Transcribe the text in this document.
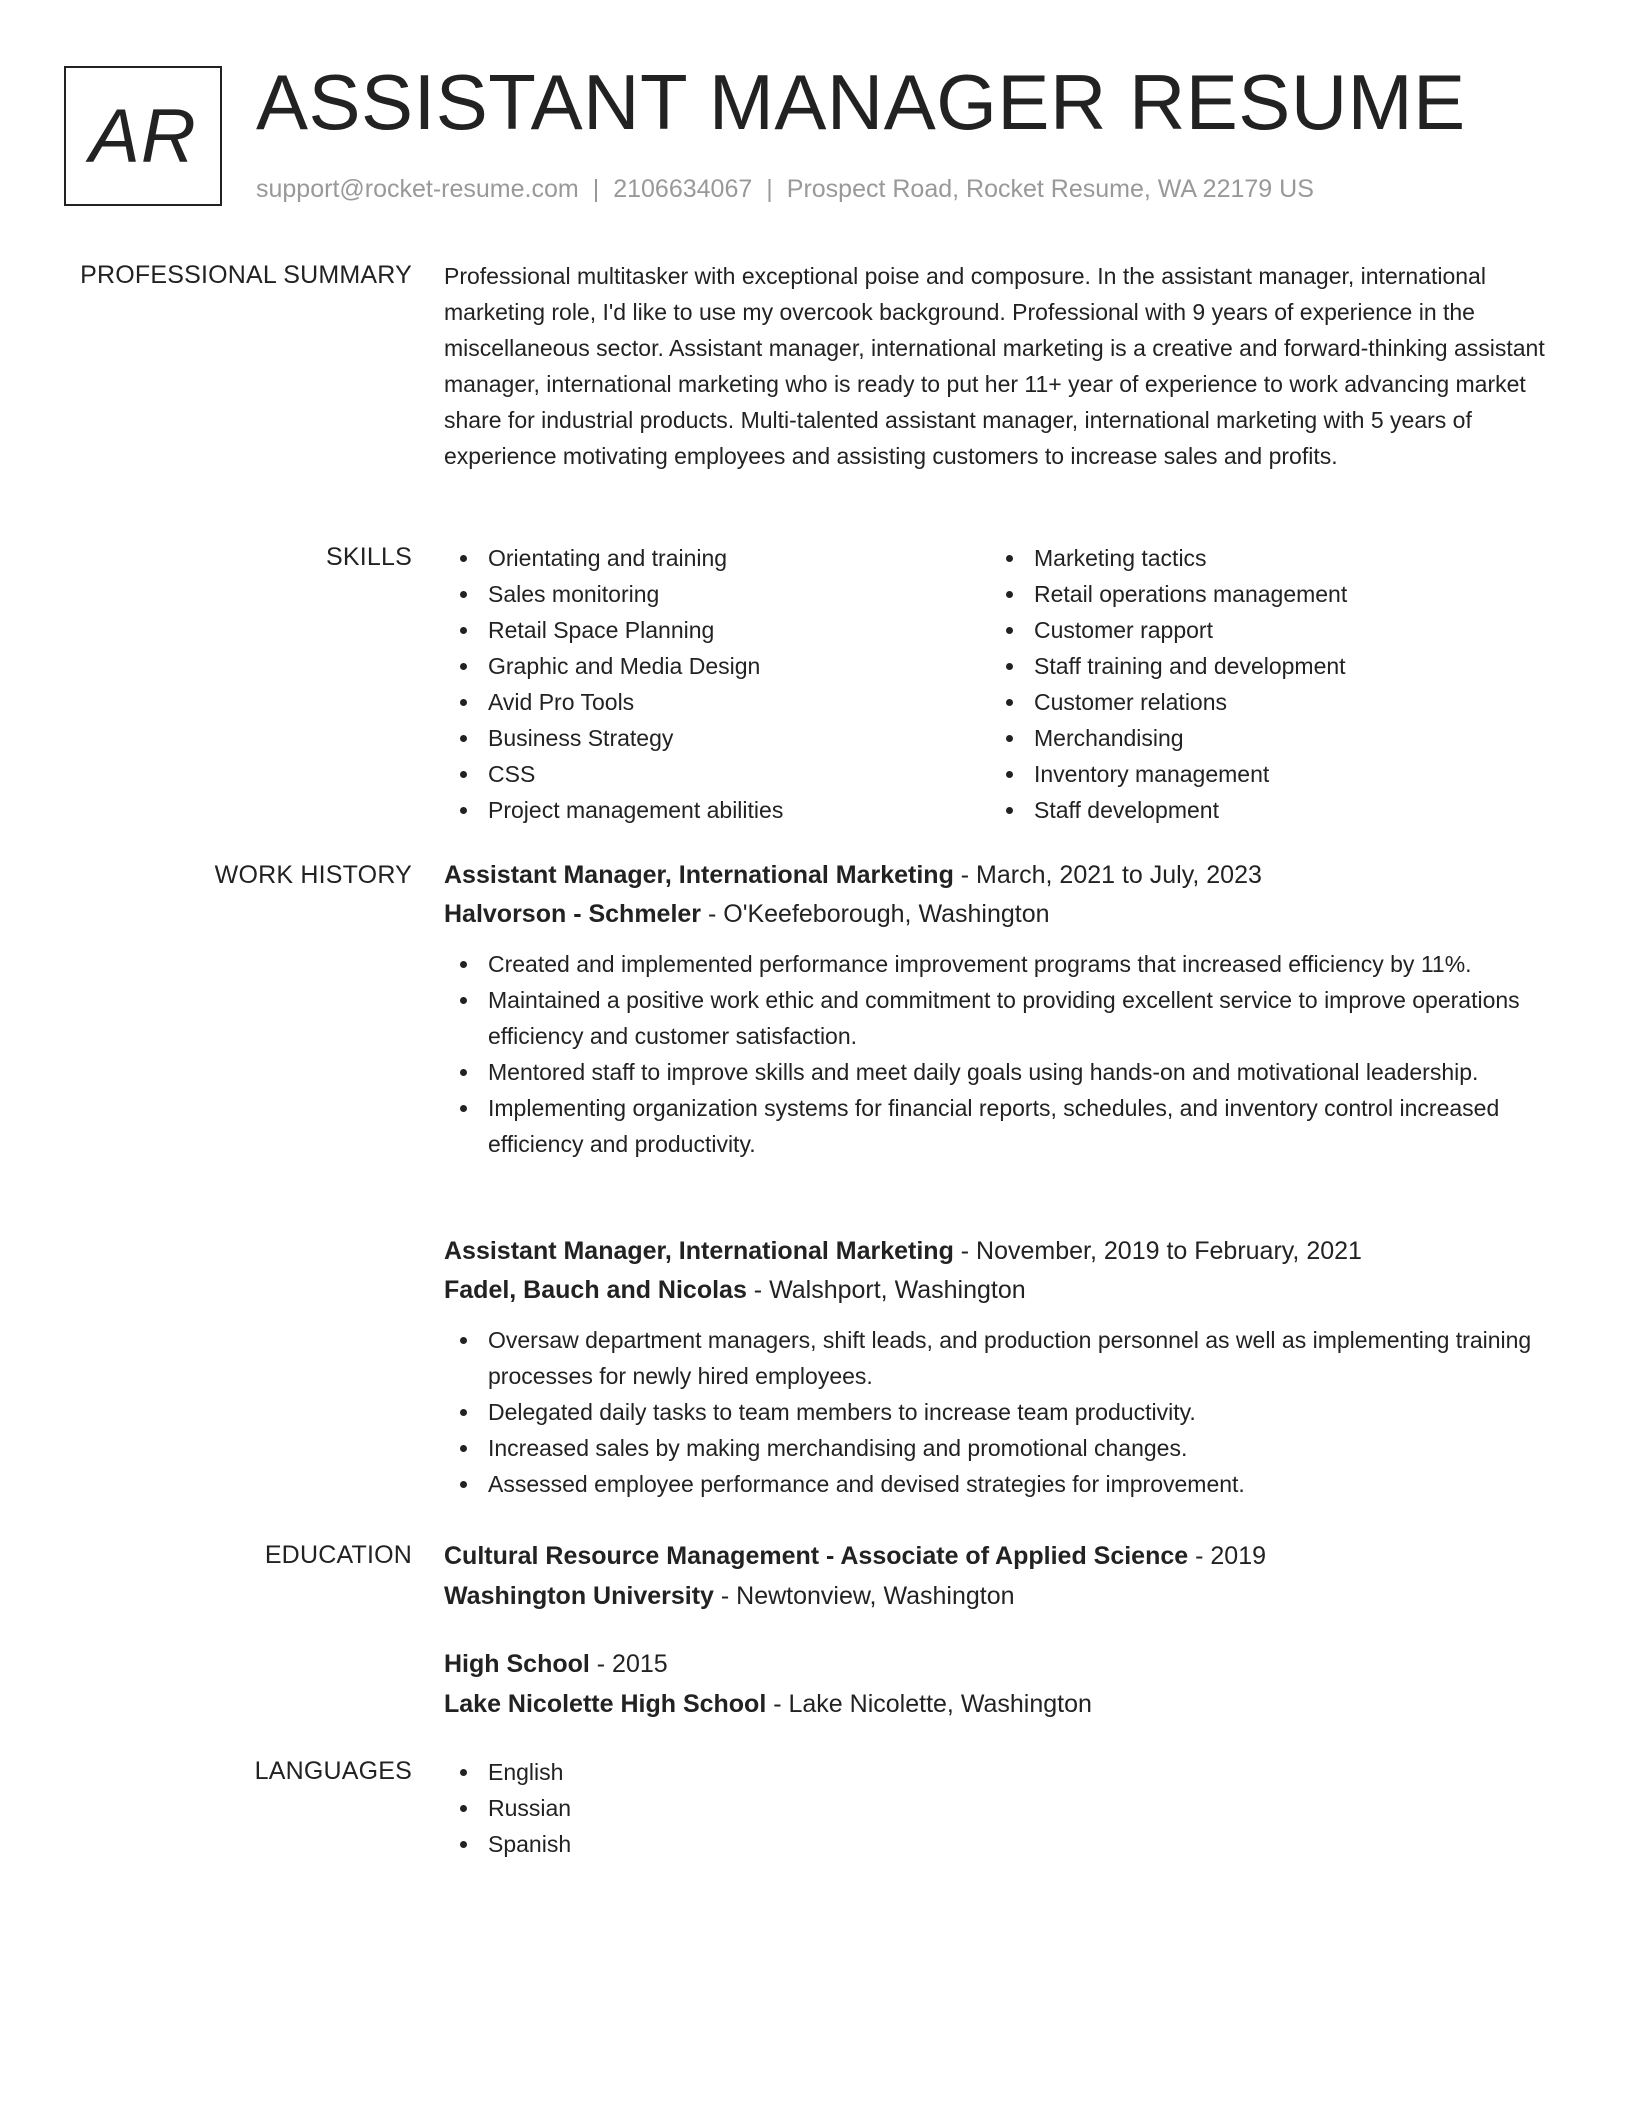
AR ASSISTANT MANAGER RESUME
support@rocket-resume.com | 2106634067 | Prospect Road, Rocket Resume, WA 22179 US
PROFESSIONAL SUMMARY Professional multitasker with exceptional poise and composure. In the assistant manager, international marketing role, I'd like to use my overcook background. Professional with 9 years of experience in the miscellaneous sector. Assistant manager, international marketing is a creative and forward-thinking assistant manager, international marketing who is ready to put her 11+ year of experience to work advancing market share for industrial products. Multi-talented assistant manager, international marketing with 5 years of experience motivating employees and assisting customers to increase sales and profits.

SKILLS	Orientating and training
Sales monitoring
Retail Space Planning
Graphic and Media Design
Avid Pro Tools
Business Strategy
CSS
Project management abilities
Marketing tactics
Retail operations management
Customer rapport
Staff training and development
Customer relations
Merchandising
Inventory management
Staff development
WORK HISTORY Assistant Manager, International Marketing - March, 2021 to July, 2023
Halvorson - Schmeler - O'Keefeborough, Washington
Created and implemented performance improvement programs that increased efficiency by 11%.
Maintained a positive work ethic and commitment to providing excellent service to improve operations efficiency and customer satisfaction.
Mentored staff to improve skills and meet daily goals using hands-on and motivational leadership.
Implementing organization systems for financial reports, schedules, and inventory control increased efficiency and productivity.
Assistant Manager, International Marketing - November, 2019 to February, 2021
Fadel, Bauch and Nicolas - Walshport, Washington
Oversaw department managers, shift leads, and production personnel as well as implementing training processes for newly hired employees.
Delegated daily tasks to team members to increase team productivity.
Increased sales by making merchandising and promotional changes.
Assessed employee performance and devised strategies for improvement.
EDUCATION Cultural Resource Management - Associate of Applied Science - 2019
Washington University - Newtonview, Washington
High School - 2015
Lake Nicolette High School - Lake Nicolette, Washington
LANGUAGES	English
Russian
Spanish
